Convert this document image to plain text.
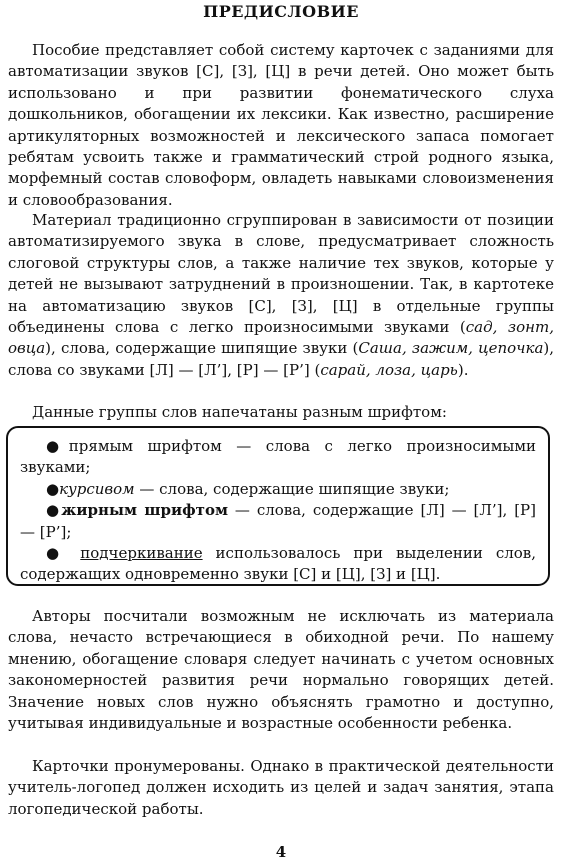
ПРЕДИСЛОВИЕ

Пособие представляет собой систему карточек с заданиями для автоматизации звуков [С], [З], [Ц] в речи детей. Оно может быть использовано и при развитии фонематического слуха дошкольников, обогащении их лексики. Как известно, расширение артикуляторных возможностей и лексического запаса помогает ребятам усвоить также и грамматический строй родного языка, морфемный состав словоформ, овладеть навыками словоизменения и словообразования.

Материал традиционно сгруппирован в зависимости от позиции автоматизируемого звука в слове, предусматривает сложность слоговой структуры слов, а также наличие тех звуков, которые у детей не вызывают затруднений в произношении. Так, в картотеке на автоматизацию звуков [С], [З], [Ц] в отдельные группы объединены слова с легко произносимыми звуками (сад, зонт, овца), слова, содержащие шипящие звуки (Саша, зажим, цепочка), слова со звуками [Л] — [Л’], [Р] — [Р’] (сарай, лоза, царь).

Данные группы слов напечатаны разным шрифтом:

●прямым шрифтом — слова с легко произносимыми звуками;

●курсивом — слова, содержащие шипящие звуки;

●жирным шрифтом — слова, содержащие [Л] — [Л’], [Р] — [Р’];

● подчеркивание использовалось при выделении слов, содержащих одновременно звуки [С] и [Ц], [З] и [Ц].

Авторы посчитали возможным не исключать из материала слова, нечасто встречающиеся в обиходной речи. По нашему мнению, обогащение словаря следует начинать с учетом основных закономерностей развития речи нормально говорящих детей. Значение новых слов нужно объяснять грамотно и доступно, учитывая индивидуальные и возрастные особенности ребенка.

Карточки пронумерованы. Однако в практической деятельности учитель-логопед должен исходить из целей и задач занятия, этапа логопедической работы.

4
